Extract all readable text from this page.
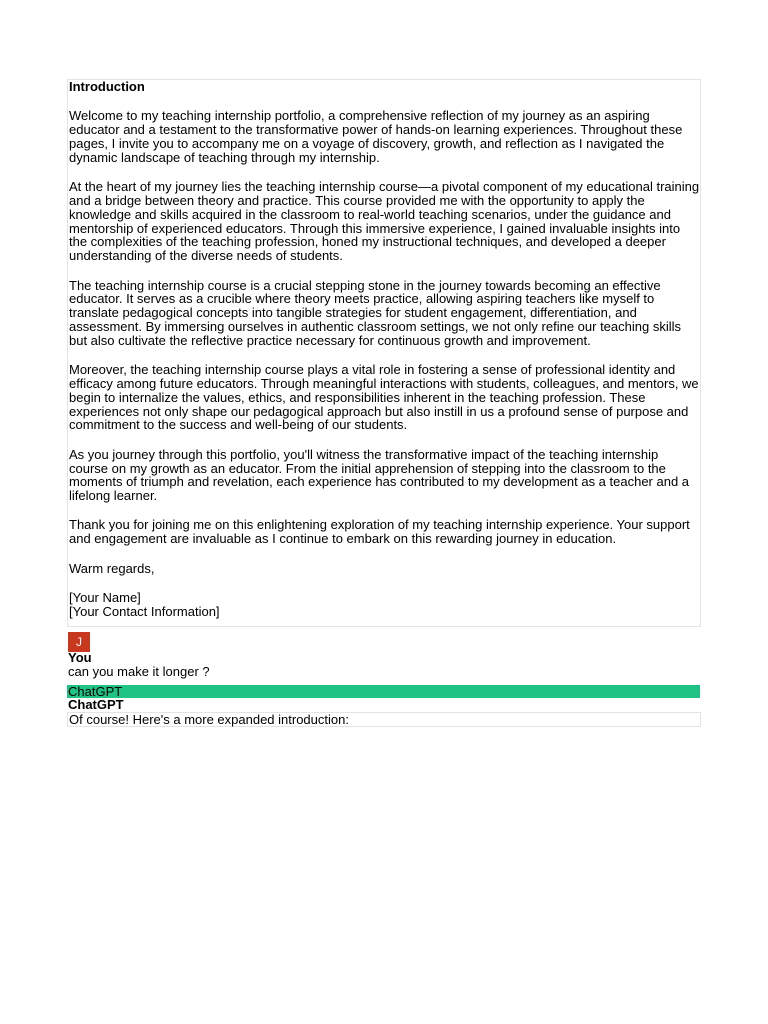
Introduction

Welcome to my teaching internship portfolio, a comprehensive reflection of my journey as an aspiring educator and a testament to the transformative power of hands-on learning experiences. Throughout these pages, I invite you to accompany me on a voyage of discovery, growth, and reflection as I navigated the dynamic landscape of teaching through my internship.

At the heart of my journey lies the teaching internship course—a pivotal component of my educational training and a bridge between theory and practice. This course provided me with the opportunity to apply the knowledge and skills acquired in the classroom to real-world teaching scenarios, under the guidance and mentorship of experienced educators. Through this immersive experience, I gained invaluable insights into the complexities of the teaching profession, honed my instructional techniques, and developed a deeper understanding of the diverse needs of students.

The teaching internship course is a crucial stepping stone in the journey towards becoming an effective educator. It serves as a crucible where theory meets practice, allowing aspiring teachers like myself to translate pedagogical concepts into tangible strategies for student engagement, differentiation, and assessment. By immersing ourselves in authentic classroom settings, we not only refine our teaching skills but also cultivate the reflective practice necessary for continuous growth and improvement.

Moreover, the teaching internship course plays a vital role in fostering a sense of professional identity and efficacy among future educators. Through meaningful interactions with students, colleagues, and mentors, we begin to internalize the values, ethics, and responsibilities inherent in the teaching profession. These experiences not only shape our pedagogical approach but also instill in us a profound sense of purpose and commitment to the success and well-being of our students.

As you journey through this portfolio, you'll witness the transformative impact of the teaching internship course on my growth as an educator. From the initial apprehension of stepping into the classroom to the moments of triumph and revelation, each experience has contributed to my development as a teacher and a lifelong learner.

Thank you for joining me on this enlightening exploration of my teaching internship experience. Your support and engagement are invaluable as I continue to embark on this rewarding journey in education.

Warm regards,

[Your Name]

[Your Contact Information]

J
You
can you make it longer ?
ChatGPT
ChatGPT
Of course! Here's a more expanded introduction:
